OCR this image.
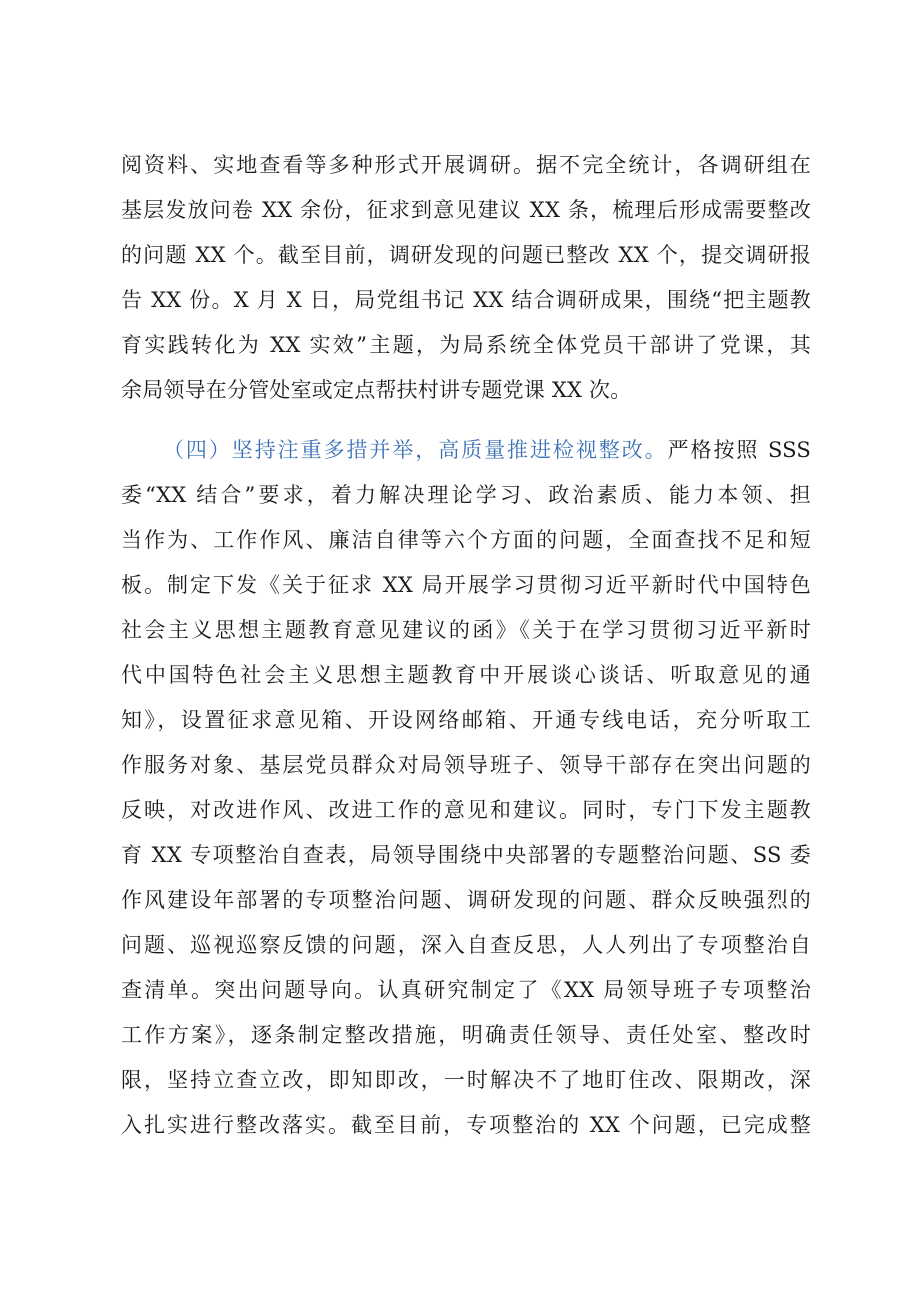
阅资料、实地查看等多种形式开展调研。据不完全统计，各调研组在
基层发放问卷 XX 余份，征求到意见建议 XX 条，梳理后形成需要整改
的问题 XX 个。截至目前，调研发现的问题已整改 XX 个，提交调研报
告 XX 份。X 月 X 日，局党组书记 XX 结合调研成果，围绕“把主题教
育实践转化为 XX 实效”主题，为局系统全体党员干部讲了党课，其
余局领导在分管处室或定点帮扶村讲专题党课 XX 次。
（四）坚持注重多措并举，高质量推进检视整改。严格按照 SSS
委“XX 结合”要求，着力解决理论学习、政治素质、能力本领、担
当作为、工作作风、廉洁自律等六个方面的问题，全面查找不足和短
板。制定下发《关于征求 XX 局开展学习贯彻习近平新时代中国特色
社会主义思想主题教育意见建议的函》《关于在学习贯彻习近平新时
代中国特色社会主义思想主题教育中开展谈心谈话、听取意见的通
知》，设置征求意见箱、开设网络邮箱、开通专线电话，充分听取工
作服务对象、基层党员群众对局领导班子、领导干部存在突出问题的
反映，对改进作风、改进工作的意见和建议。同时，专门下发主题教
育 XX 专项整治自查表，局领导围绕中央部署的专题整治问题、SS 委
作风建设年部署的专项整治问题、调研发现的问题、群众反映强烈的
问题、巡视巡察反馈的问题，深入自查反思，人人列出了专项整治自
查清单。突出问题导向。认真研究制定了《XX 局领导班子专项整治
工作方案》，逐条制定整改措施，明确责任领导、责任处室、整改时
限，坚持立查立改，即知即改，一时解决不了地盯住改、限期改，深
入扎实进行整改落实。截至目前，专项整治的 XX 个问题，已完成整
